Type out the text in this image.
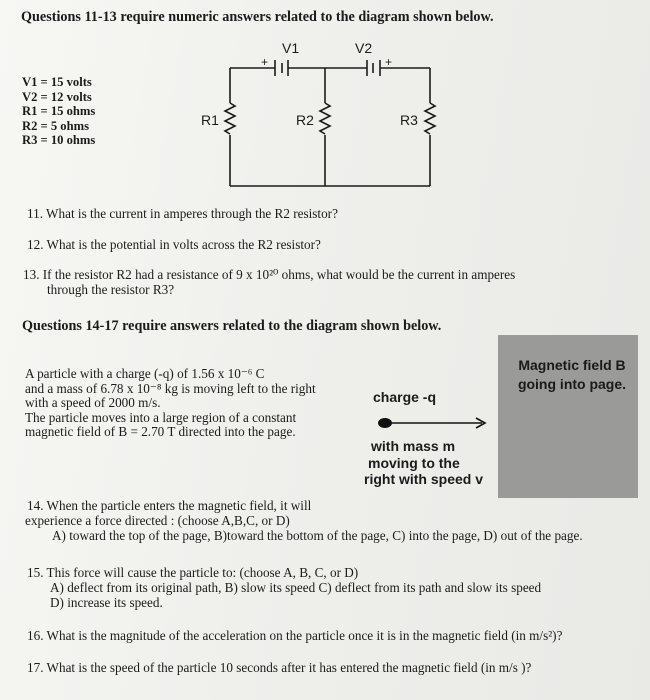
Questions 11-13 require numeric answers related to the diagram shown below.
V1 = 15 volts
V2 = 12 volts
R1 = 15 ohms
R2 = 5 ohms
R3 = 10 ohms
V1	V2
+	+
R1	R2	R3
11. What is the current in amperes through the R2 resistor?
12. What is the potential in volts across the R2 resistor?
13. If the resistor R2 had a resistance of 9 x 10²⁰ ohms, what would be the current in amperes
through the resistor R3?
Questions 14-17 require answers related to the diagram shown below.
A particle with a charge (-q) of 1.56 x 10⁻⁶ C
and a mass of 6.78 x 10⁻⁸ kg is moving left to the right
with a speed of 2000 m/s.
The particle moves into a large region of a constant
magnetic field of B = 2.70 T directed into the page.
Magnetic field B
going into page.
charge -q
with mass m
moving to the
right with speed v
14. When the particle enters the magnetic field, it will
experience a force directed : (choose A,B,C, or D)
A) toward the top of the page, B)toward the bottom of the page, C) into the page, D) out of the page.
15. This force will cause the particle to: (choose A, B, C, or D)
A) deflect from its original path, B) slow its speed C) deflect from its path and slow its speed
D) increase its speed.
16. What is the magnitude of the acceleration on the particle once it is in the magnetic field (in m/s²)?
17. What is the speed of the particle 10 seconds after it has entered the magnetic field (in m/s )?
